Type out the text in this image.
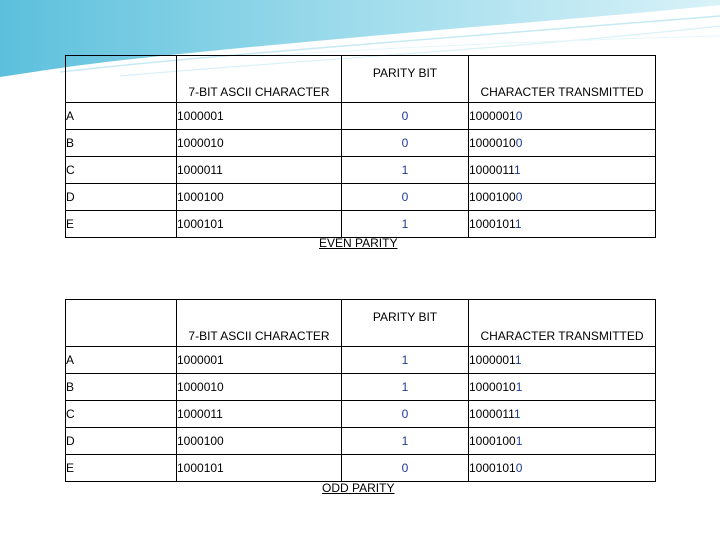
	7-BIT ASCII CHARACTER	PARITY BIT	CHARACTER TRANSMITTED
A	1000001	0	10000010
B	1000010	0	10000100
C	1000011	1	10000111
D	1000100	0	10001000
E	1000101	1	10001011
EVEN PARITY
	7-BIT ASCII CHARACTER	PARITY BIT	CHARACTER TRANSMITTED
A	1000001	1	10000011
B	1000010	1	10000101
C	1000011	0	10000111
D	1000100	1	10001001
E	1000101	0	10001010
ODD PARITY
